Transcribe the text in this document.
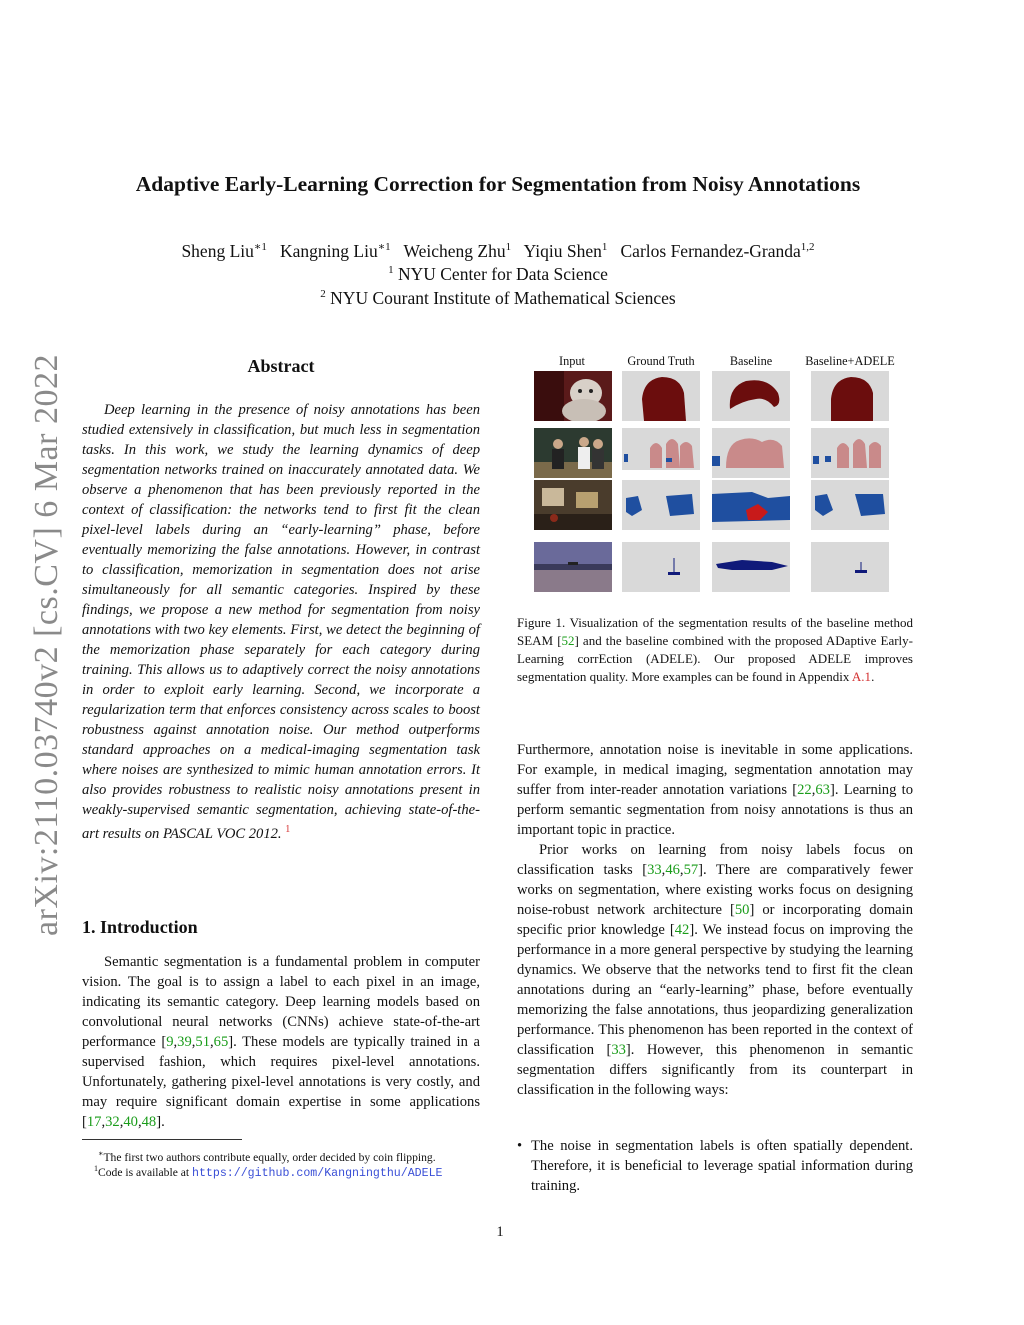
arXiv:2110.03740v2 [cs.CV] 6 Mar 2022
Adaptive Early-Learning Correction for Segmentation from Noisy Annotations
Sheng Liu$^{∗1}$ Kangning Liu$^{∗1}$ Weicheng Zhu$^1$ Yiqiu Shen$^1$ Carlos Fernandez-Granda$^{1,2}$
$^1$ NYU Center for Data Science
$^2$ NYU Courant Institute of Mathematical Sciences
Abstract
Deep learning in the presence of noisy annotations has been studied extensively in classification, but much less in segmentation tasks. In this work, we study the learning dynamics of deep segmentation networks trained on inaccurately annotated data. We observe a phenomenon that has been previously reported in the context of classification: the networks tend to first fit the clean pixel-level labels during an “early-learning” phase, before eventually memorizing the false annotations. However, in contrast to classification, memorization in segmentation does not arise simultaneously for all semantic categories. Inspired by these findings, we propose a new method for segmentation from noisy annotations with two key elements. First, we detect the beginning of the memorization phase separately for each category during training. This allows us to adaptively correct the noisy annotations in order to exploit early learning. Second, we incorporate a regularization term that enforces consistency across scales to boost robustness against annotation noise. Our method outperforms standard approaches on a medical-imaging segmentation task where noises are synthesized to mimic human annotation errors. It also provides robustness to realistic noisy annotations present in weakly-supervised semantic segmentation, achieving state-of-the-art results on PASCAL VOC 2012. $^1$
1. Introduction
Semantic segmentation is a fundamental problem in computer vision. The goal is to assign a label to each pixel in an image, indicating its semantic category. Deep learning models based on convolutional neural networks (CNNs) achieve state-of-the-art performance [9,39,51,65]. These models are typically trained in a supervised fashion, which requires pixel-level annotations. Unfortunately, gathering pixel-level annotations is very costly, and may require significant domain expertise in some applications [17,32,40,48].
∗The first two authors contribute equally, order decided by coin flipping.
$^1$Code is available at https://github.com/Kangningthu/ADELE
Input	Ground Truth	Baseline	Baseline+ADELE
Figure 1. Visualization of the segmentation results of the baseline method SEAM [52] and the baseline combined with the proposed ADaptive Early-Learning corrEction (ADELE). Our proposed ADELE improves segmentation quality. More examples can be found in Appendix A.1.
Furthermore, annotation noise is inevitable in some applications. For example, in medical imaging, segmentation annotation may suffer from inter-reader annotation variations [22,63]. Learning to perform semantic segmentation from noisy annotations is thus an important topic in practice.
Prior works on learning from noisy labels focus on classification tasks [33,46,57]. There are comparatively fewer works on segmentation, where existing works focus on designing noise-robust network architecture [50] or incorporating domain specific prior knowledge [42]. We instead focus on improving the performance in a more general perspective by studying the learning dynamics. We observe that the networks tend to first fit the clean annotations during an “early-learning” phase, before eventually memorizing the false annotations, thus jeopardizing generalization performance. This phenomenon has been reported in the context of classification [33]. However, this phenomenon in semantic segmentation differs significantly from its counterpart in classification in the following ways:
• The noise in segmentation labels is often spatially dependent. Therefore, it is beneficial to leverage spatial information during training.
1
